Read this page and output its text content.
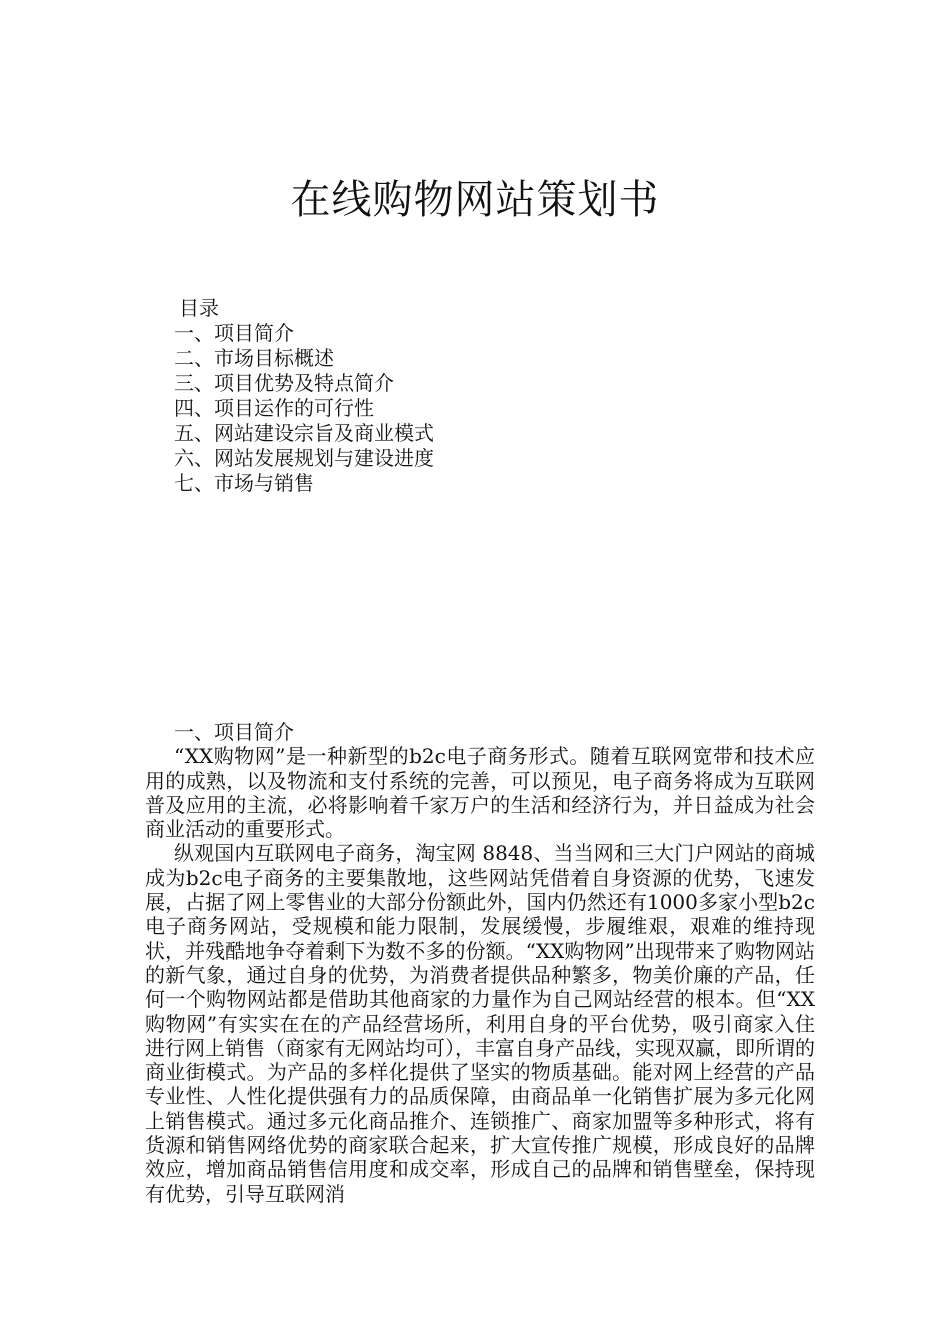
在线购物网站策划书
目录
一、项目简介
二、市场目标概述
三、项目优势及特点简介
四、项目运作的可行性
五、网站建设宗旨及商业模式
六、网站发展规划与建设进度
七、市场与销售
一、项目简介

“XX购物网”是一种新型的b2c电子商务形式。随着互联网宽带和技术应用的成熟，以及物流和支付系统的完善，可以预见，电子商务将成为互联网普及应用的主流，必将影响着千家万户的生活和经济行为，并日益成为社会商业活动的重要形式。

纵观国内互联网电子商务，淘宝网 8848、当当网和三大门户网站的商城成为b2c电子商务的主要集散地，这些网站凭借着自身资源的优势，飞速发展，占据了网上零售业的大部分份额此外，国内仍然还有1000多家小型b2c电子商务网站，受规模和能力限制，发展缓慢，步履维艰，艰难的维持现状，并残酷地争夺着剩下为数不多的份额。“XX购物网”出现带来了购物网站的新气象，通过自身的优势，为消费者提供品种繁多，物美价廉的产品，任何一个购物网站都是借助其他商家的力量作为自己网站经营的根本。但“XX购物网”有实实在在的产品经营场所，利用自身的平台优势，吸引商家入住进行网上销售（商家有无网站均可），丰富自身产品线，实现双赢，即所谓的商业街模式。为产品的多样化提供了坚实的物质基础。能对网上经营的产品专业性、人性化提供强有力的品质保障，由商品单一化销售扩展为多元化网上销售模式。通过多元化商品推介、连锁推广、商家加盟等多种形式，将有货源和销售网络优势的商家联合起来，扩大宣传推广规模，形成良好的品牌效应，增加商品销售信用度和成交率，形成自己的品牌和销售壁垒，保持现有优势，引导互联网消
